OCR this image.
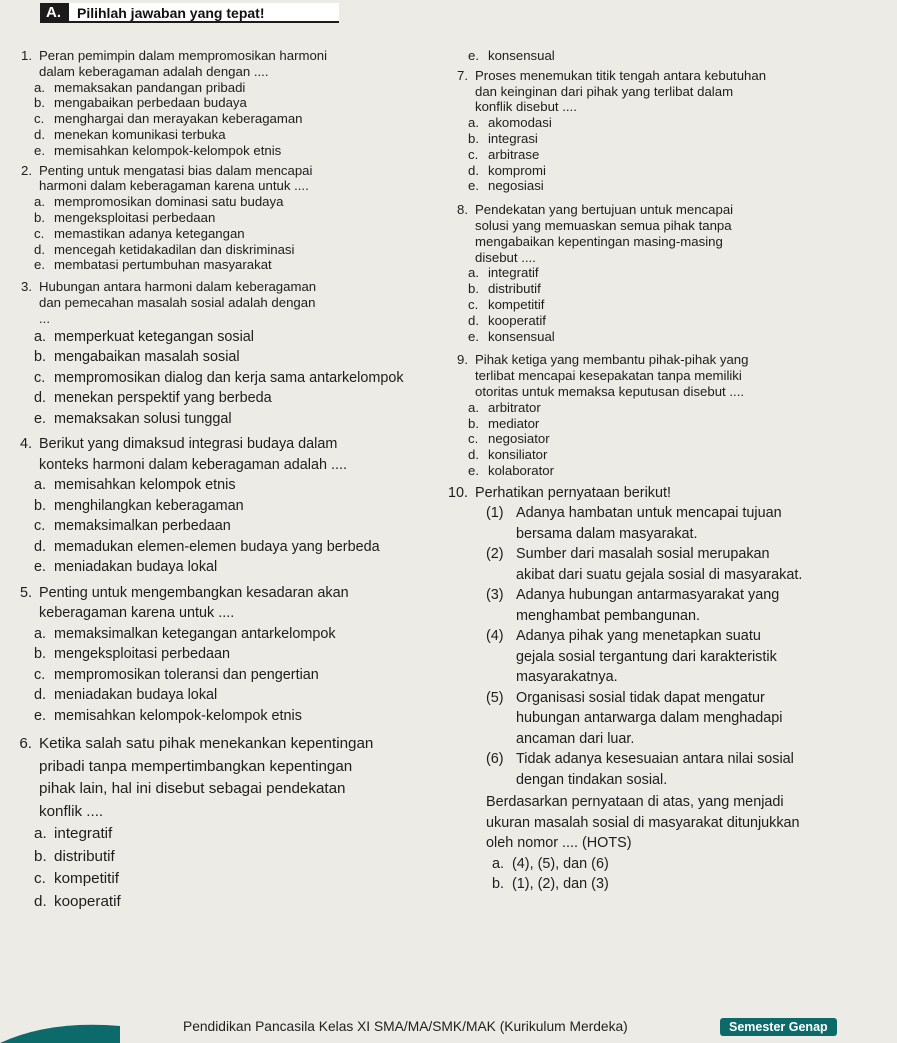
A.	Pilihlah jawaban yang tepat!
1. Peran pemimpin dalam mempromosikan harmoni
dalam keberagaman adalah dengan ....
a. memaksakan pandangan pribadi
b. mengabaikan perbedaan budaya
c. menghargai dan merayakan keberagaman
d. menekan komunikasi terbuka
e. memisahkan kelompok-kelompok etnis
2. Penting untuk mengatasi bias dalam mencapai
harmoni dalam keberagaman karena untuk ....
a. mempromosikan dominasi satu budaya
b. mengeksploitasi perbedaan
c. memastikan adanya ketegangan
d. mencegah ketidakadilan dan diskriminasi
e. membatasi pertumbuhan masyarakat
3. Hubungan antara harmoni dalam keberagaman
dan pemecahan masalah sosial adalah dengan
...
a. memperkuat ketegangan sosial
b. mengabaikan masalah sosial
c. mempromosikan dialog dan kerja sama antarkelompok
d. menekan perspektif yang berbeda
e. memaksakan solusi tunggal
4. Berikut yang dimaksud integrasi budaya dalam
konteks harmoni dalam keberagaman adalah ....
a. memisahkan kelompok etnis
b. menghilangkan keberagaman
c. memaksimalkan perbedaan
d. memadukan elemen-elemen budaya yang berbeda
e. meniadakan budaya lokal
5. Penting untuk mengembangkan kesadaran akan
keberagaman karena untuk ....
a. memaksimalkan ketegangan antarkelompok
b. mengeksploitasi perbedaan
c. mempromosikan toleransi dan pengertian
d. meniadakan budaya lokal
e. memisahkan kelompok-kelompok etnis
6. Ketika salah satu pihak menekankan kepentingan
pribadi tanpa mempertimbangkan kepentingan
pihak lain, hal ini disebut sebagai pendekatan
konflik ....
a. integratif
b. distributif
c. kompetitif
d. kooperatif
e. konsensual
7. Proses menemukan titik tengah antara kebutuhan
dan keinginan dari pihak yang terlibat dalam
konflik disebut ....
a. akomodasi
b. integrasi
c. arbitrase
d. kompromi
e. negosiasi
8. Pendekatan yang bertujuan untuk mencapai
solusi yang memuaskan semua pihak tanpa
mengabaikan kepentingan masing-masing
disebut ....
a. integratif
b. distributif
c. kompetitif
d. kooperatif
e. konsensual
9. Pihak ketiga yang membantu pihak-pihak yang
terlibat mencapai kesepakatan tanpa memiliki
otoritas untuk memaksa keputusan disebut ....
a. arbitrator
b. mediator
c. negosiator
d. konsiliator
e. kolaborator
10. Perhatikan pernyataan berikut!
(1) Adanya hambatan untuk mencapai tujuan
bersama dalam masyarakat.
(2) Sumber dari masalah sosial merupakan
akibat dari suatu gejala sosial di masyarakat.
(3) Adanya hubungan antarmasyarakat yang
menghambat pembangunan.
(4) Adanya pihak yang menetapkan suatu
gejala sosial tergantung dari karakteristik
masyarakatnya.
(5) Organisasi sosial tidak dapat mengatur
hubungan antarwarga dalam menghadapi
ancaman dari luar.
(6) Tidak adanya kesesuaian antara nilai sosial
dengan tindakan sosial.
Berdasarkan pernyataan di atas, yang menjadi
ukuran masalah sosial di masyarakat ditunjukkan
oleh nomor .... (HOTS)
a. (4), (5), dan (6)
b. (1), (2), dan (3)
Pendidikan Pancasila Kelas XI SMA/MA/SMK/MAK (Kurikulum Merdeka)	Semester Genap
